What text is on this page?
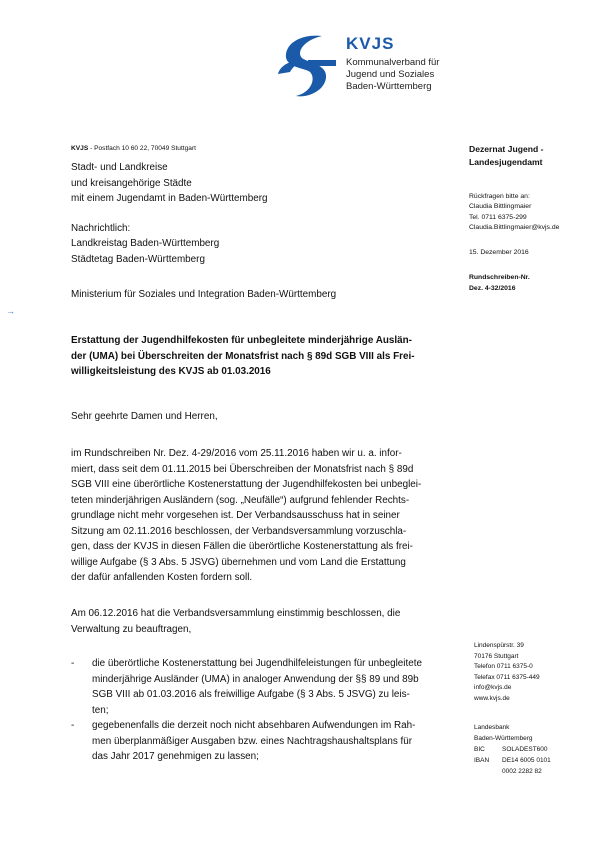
KVJS
Kommunalverband für
Jugend und Soziales
Baden-Württemberg
KVJS - Postfach 10 60 22, 70049 Stuttgart
Stadt- und Landkreise
und kreisangehörige Städte
mit einem Jugendamt in Baden-Württemberg
Nachrichtlich:
Landkreistag Baden-Württemberg
Städtetag Baden-Württemberg
Ministerium für Soziales und Integration Baden-Württemberg
→
Erstattung der Jugendhilfekosten für unbegleitete minderjährige Auslän-
der (UMA) bei Überschreiten der Monatsfrist nach § 89d SGB VIII als Frei-
willigkeitsleistung des KVJS ab 01.03.2016
Sehr geehrte Damen und Herren,
im Rundschreiben Nr. Dez. 4-29/2016 vom 25.11.2016 haben wir u. a. infor-
miert, dass seit dem 01.11.2015 bei Überschreiben der Monatsfrist nach § 89d
SGB VIII eine überörtliche Kostenerstattung der Jugendhilfekosten bei unbeglei-
teten minderjährigen Ausländern (sog. „Neufälle“) aufgrund fehlender Rechts-
grundlage nicht mehr vorgesehen ist. Der Verbandsausschuss hat in seiner
Sitzung am 02.11.2016 beschlossen, der Verbandsversammlung vorzuschla-
gen, dass der KVJS in diesen Fällen die überörtliche Kostenerstattung als frei-
willige Aufgabe (§ 3 Abs. 5 JSVG) übernehmen und vom Land die Erstattung
der dafür anfallenden Kosten fordern soll.
Am 06.12.2016 hat die Verbandsversammlung einstimmig beschlossen, die
Verwaltung zu beauftragen,
- die überörtliche Kostenerstattung bei Jugendhilfeleistungen für unbegleitete
minderjährige Ausländer (UMA) in analoger Anwendung der §§ 89 und 89b
SGB VIII ab 01.03.2016 als freiwillige Aufgabe (§ 3 Abs. 5 JSVG) zu leis-
ten;
- gegebenenfalls die derzeit noch nicht absehbaren Aufwendungen im Rah-
men überplanmäßiger Ausgaben bzw. eines Nachtragshaushaltsplans für
das Jahr 2017 genehmigen zu lassen;
Dezernat Jugend -
Landesjugendamt
Rückfragen bitte an:
Claudia Bittlingmaier
Tel. 0711 6375-299
Claudia.Bittlingmaier@kvjs.de
15. Dezember 2016
Rundschreiben-Nr.
Dez. 4-32/2016
Lindenspürstr. 39
70176 Stuttgart
Telefon 0711 6375-0
Telefax 0711 6375-449
info@kvjs.de
www.kvjs.de
Landesbank
Baden-Württemberg
BIC	SOLADEST600
IBAN	DE14 6005 0101
	0002 2282 82
